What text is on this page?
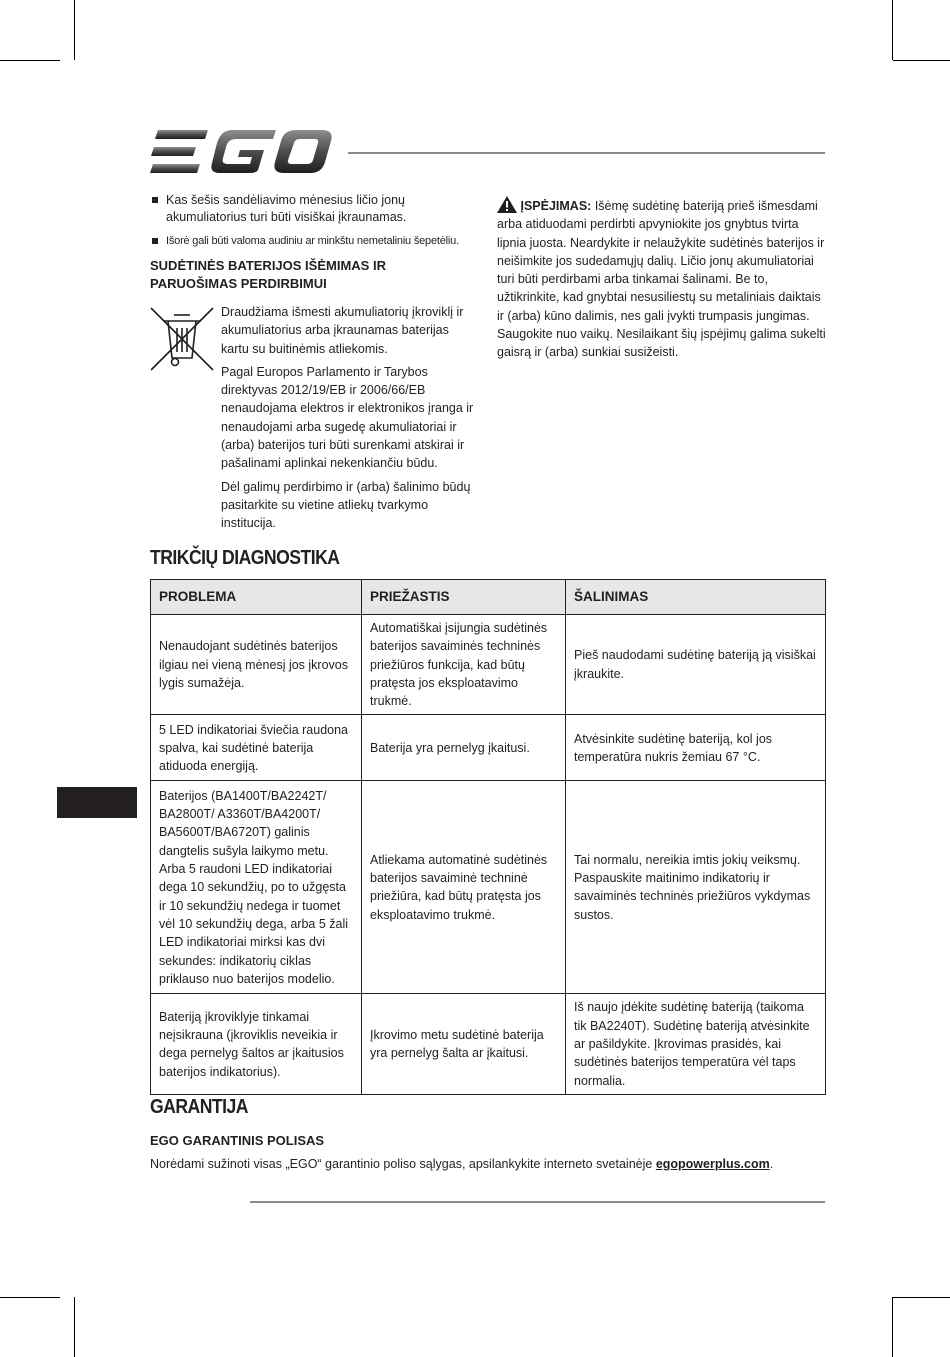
Kas šešis sandėliavimo mėnesius ličio jonų akumuliatorius turi būti visiškai įkraunamas.
Išorė gali būti valoma audiniu ar minkštu nemetaliniu šepetėliu.
SUDĖTINĖS BATERIJOS IŠĖMIMAS IR PARUOŠIMAS PERDIRBIMUI

Draudžiama išmesti akumuliatorių įkroviklį ir akumuliatorius arba įkraunamas baterijas kartu su buitinėmis atliekomis.

Pagal Europos Parlamento ir Tarybos direktyvas 2012/19/EB ir 2006/66/EB nenaudojama elektros ir elektronikos įranga ir nenaudojami arba sugedę akumuliatoriai ir (arba) baterijos turi būti surenkami atskirai ir pašalinami aplinkai nekenkiančiu būdu.

Dėl galimų perdirbimo ir (arba) šalinimo būdų pasitarkite su vietine atliekų tvarkymo institucija.

ĮSPĖJIMAS: Išėmę sudėtinę bateriją prieš išmesdami arba atiduodami perdirbti apvyniokite jos gnybtus tvirta lipnia juosta. Neardykite ir nelaužykite sudėtinės baterijos ir neišimkite jos sudedamųjų dalių. Ličio jonų akumuliatoriai turi būti perdirbami arba tinkamai šalinami. Be to, užtikrinkite, kad gnybtai nesusiliestų su metaliniais daiktais ir (arba) kūno dalimis, nes gali įvykti trumpasis jungimas. Saugokite nuo vaikų. Nesilaikant šių įspėjimų galima sukelti gaisrą ir (arba) sunkiai susižeisti.
TRIKČIŲ DIAGNOSTIKA
PROBLEMA	PRIEŽASTIS	ŠALINIMAS
Nenaudojant sudėtinės baterijos ilgiau nei vieną mėnesį jos įkrovos lygis sumažėja.	Automatiškai įsijungia sudėtinės baterijos savaiminės techninės priežiūros funkcija, kad būtų pratęsta jos eksploatavimo trukmė.	Pieš naudodami sudėtinę bateriją ją visiškai įkraukite.
5 LED indikatoriai šviečia raudona spalva, kai sudėtinė baterija atiduoda energiją.	Baterija yra pernelyg įkaitusi.	Atvėsinkite sudėtinę bateriją, kol jos temperatūra nukris žemiau 67 °C.
Baterijos (BA1400T/BA2242T/ BA2800T/ A3360T/BA4200T/ BA5600T/BA6720T) galinis dangtelis sušyla laikymo metu. Arba 5 raudoni LED indikatoriai dega 10 sekundžių, po to užgęsta ir 10 sekundžių nedega ir tuomet vėl 10 sekundžių dega, arba 5 žali LED indikatoriai mirksi kas dvi sekundes: indikatorių ciklas priklauso nuo baterijos modelio.	Atliekama automatinė sudėtinės baterijos savaiminė techninė priežiūra, kad būtų pratęsta jos eksploatavimo trukmė.	Tai normalu, nereikia imtis jokių veiksmų. Paspauskite maitinimo indikatorių ir savaiminės techninės priežiūros vykdymas sustos.
Bateriją įkroviklyje tinkamai neįsikrauna (įkroviklis neveikia ir dega pernelyg šaltos ar įkaitusios baterijos indikatorius).	Įkrovimo metu sudėtinė baterija yra pernelyg šalta ar įkaitusi.	Iš naujo įdėkite sudėtinę bateriją (taikoma tik BA2240T). Sudėtinę bateriją atvėsinkite ar pašildykite. Įkrovimas prasidės, kai sudėtinės baterijos temperatūra vėl taps normalia.
GARANTIJA
EGO GARANTINIS POLISAS
Norėdami sužinoti visas „EGO“ garantinio poliso sąlygas, apsilankykite interneto svetainėje egopowerplus.com.
